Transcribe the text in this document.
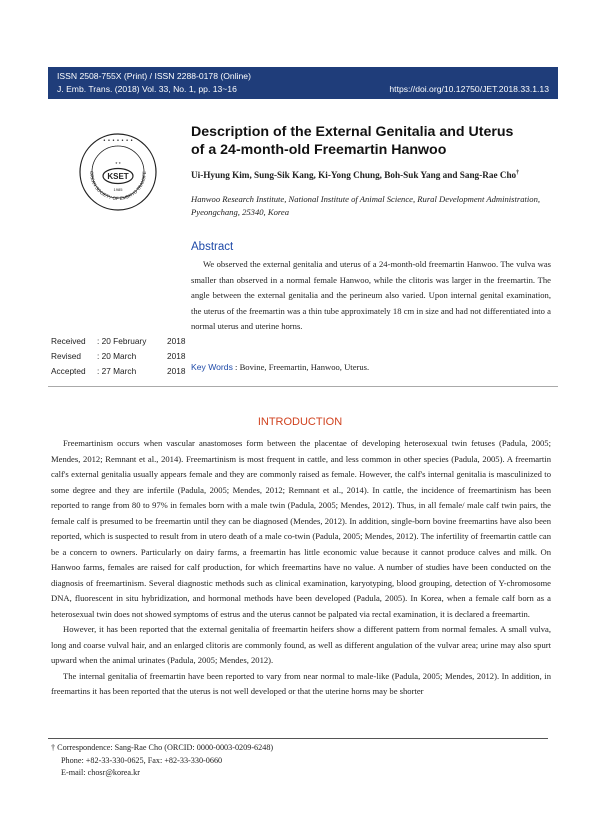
ISSN 2508-755X (Print) / ISSN 2288-0178 (Online)
J. Emb. Trans. (2018) Vol. 33, No. 1, pp. 13~16	https://doi.org/10.12750/JET.2018.33.1.13
* *
KSET
1985
OREAN SOCIETY OF EMBRYO TRANSFE
• • • • • • •
Description of the External Genitalia and Uterus
of a 24-month-old Freemartin Hanwoo
Ui-Hyung Kim, Sung-Sik Kang, Ki-Yong Chung, Boh-Suk Yang and Sang-Rae Cho†
Hanwoo Research Institute, National Institute of Animal Science, Rural Development Administration,
Pyeongchang, 25340, Korea
Abstract
We observed the external genitalia and uterus of a 24-month-old freemartin Hanwoo. The vulva was smaller than observed in a normal female Hanwoo, while the clitoris was larger in the freemartin. The angle between the external genitalia and the perineum also varied. Upon internal genital examination, the uterus of the freemartin was a thin tube approximately 18 cm in size and had not differentiated into a normal uterus and uterine horns.
Received	: 20 February	2018
Revised	: 20 March	2018
Accepted	: 27 March	2018 Key Words : Bovine, Freemartin, Hanwoo, Uterus.
INTRODUCTION

Freemartinism occurs when vascular anastomoses form between the placentae of developing heterosexual twin fetuses (Padula, 2005; Mendes, 2012; Remnant et al., 2014). Freemartinism is most frequent in cattle, and less common in other species (Padula, 2005). A freemartin calf's external genitalia usually appears female and they are commonly raised as female. However, the calf's internal genitalia is masculinized to some degree and they are infertile (Padula, 2005; Mendes, 2012; Remnant et al., 2014). In cattle, the incidence of freemartinism has been reported to range from 80 to 97% in females born with a male twin (Padula, 2005; Mendes, 2012). Thus, in all female/ male calf twin pairs, the female calf is presumed to be freemartin until they can be diagnosed (Mendes, 2012). In addition, single-born bovine freemartins have also been reported, which is suspected to result from in utero death of a male co-twin (Padula, 2005; Mendes, 2012). The infertility of freemartin cattle can be a concern to owners. Particularly on dairy farms, a freemartin has little economic value because it cannot produce calves and milk. On Hanwoo farms, females are raised for calf production, for which freemartins have no value. A number of studies have been conducted on the diagnosis of freemartinism. Several diagnostic methods such as clinical examination, karyotyping, blood grouping, detection of Y-chromosome DNA, fluorescent in situ hybridization, and hormonal methods have been developed (Padula, 2005). In Korea, when a female calf born as a heterosexual twin does not showed symptoms of estrus and the uterus cannot be palpated via rectal examination, it is declared a freemartin.

However, it has been reported that the external genitalia of freemartin heifers show a different pattern from normal females. A small vulva, long and coarse vulval hair, and an enlarged clitoris are commonly found, as well as different angulation of the vulvar area; urine may also spurt upward when the animal urinates (Padula, 2005; Mendes, 2012).

The internal genitalia of freemartin have been reported to vary from near normal to male-like (Padula, 2005; Mendes, 2012). In addition, in freemartins it has been reported that the uterus is not well developed or that the uterine horns may be shorter

† Correspondence: Sang-Rae Cho (ORCID: 0000-0003-0209-6248)
Phone: +82-33-330-0625, Fax: +82-33-330-0660
E-mail: chosr@korea.kr
